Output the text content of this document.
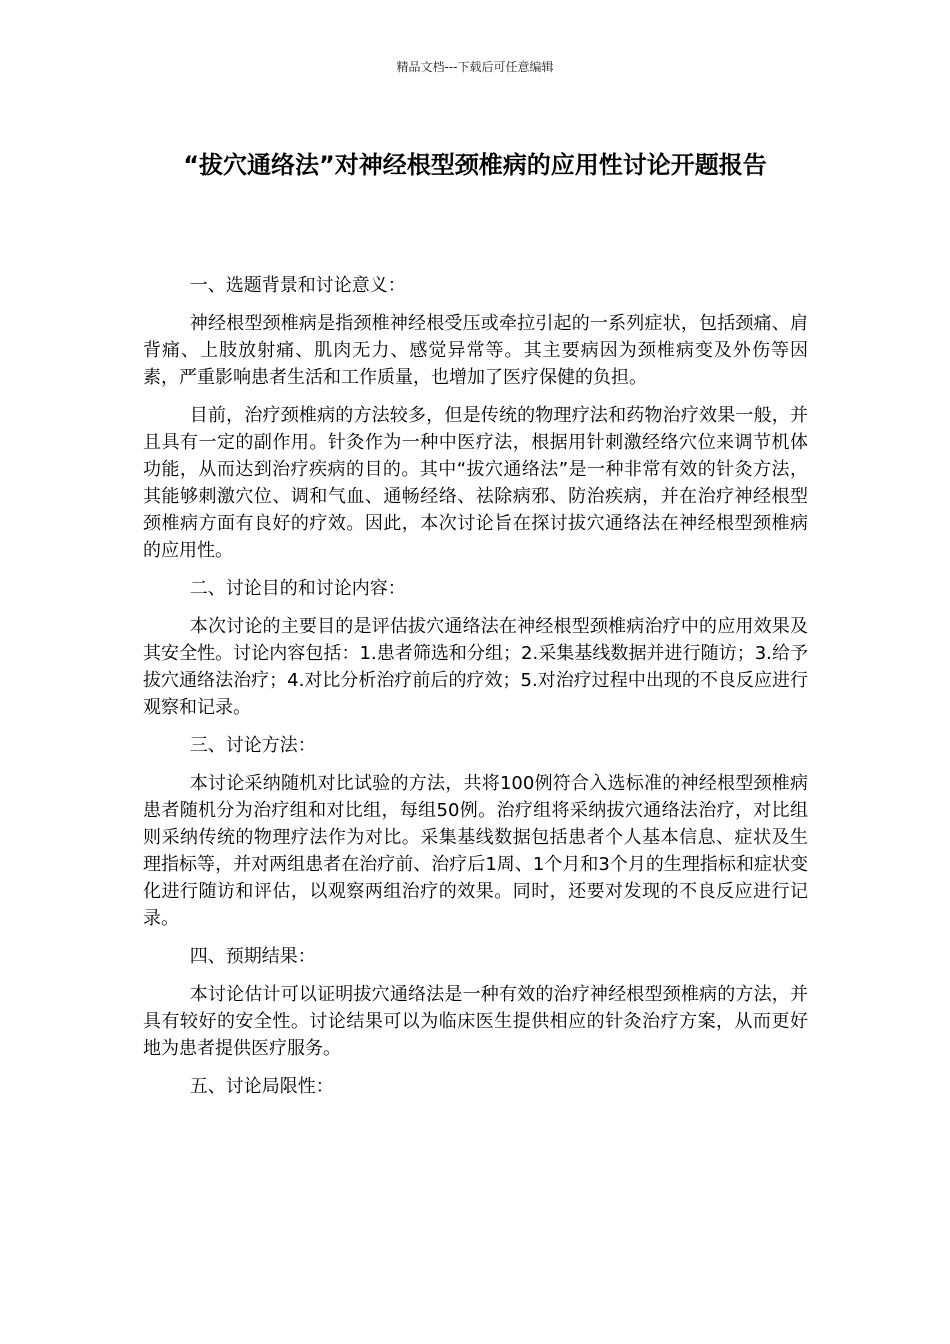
精品文档---下载后可任意编辑
“拔穴通络法”对神经根型颈椎病的应用性讨论开题报告

一、选题背景和讨论意义：

神经根型颈椎病是指颈椎神经根受压或牵拉引起的一系列症状，包括颈痛、肩背痛、上肢放射痛、肌肉无力、感觉异常等。其主要病因为颈椎病变及外伤等因素，严重影响患者生活和工作质量，也增加了医疗保健的负担。

目前，治疗颈椎病的方法较多，但是传统的物理疗法和药物治疗效果一般，并且具有一定的副作用。针灸作为一种中医疗法，根据用针刺激经络穴位来调节机体功能，从而达到治疗疾病的目的。其中“拔穴通络法”是一种非常有效的针灸方法，其能够刺激穴位、调和气血、通畅经络、祛除病邪、防治疾病，并在治疗神经根型颈椎病方面有良好的疗效。因此，本次讨论旨在探讨拔穴通络法在神经根型颈椎病的应用性。

二、讨论目的和讨论内容：

本次讨论的主要目的是评估拔穴通络法在神经根型颈椎病治疗中的应用效果及其安全性。讨论内容包括：1.患者筛选和分组；2.采集基线数据并进行随访；3.给予拔穴通络法治疗；4.对比分析治疗前后的疗效；5.对治疗过程中出现的不良反应进行观察和记录。

三、讨论方法：

本讨论采纳随机对比试验的方法，共将100例符合入选标准的神经根型颈椎病患者随机分为治疗组和对比组，每组50例。治疗组将采纳拔穴通络法治疗，对比组则采纳传统的物理疗法作为对比。采集基线数据包括患者个人基本信息、症状及生理指标等，并对两组患者在治疗前、治疗后1周、1个月和3个月的生理指标和症状变化进行随访和评估，以观察两组治疗的效果。同时，还要对发现的不良反应进行记录。

四、预期结果：

本讨论估计可以证明拔穴通络法是一种有效的治疗神经根型颈椎病的方法，并具有较好的安全性。讨论结果可以为临床医生提供相应的针灸治疗方案，从而更好地为患者提供医疗服务。

五、讨论局限性：
